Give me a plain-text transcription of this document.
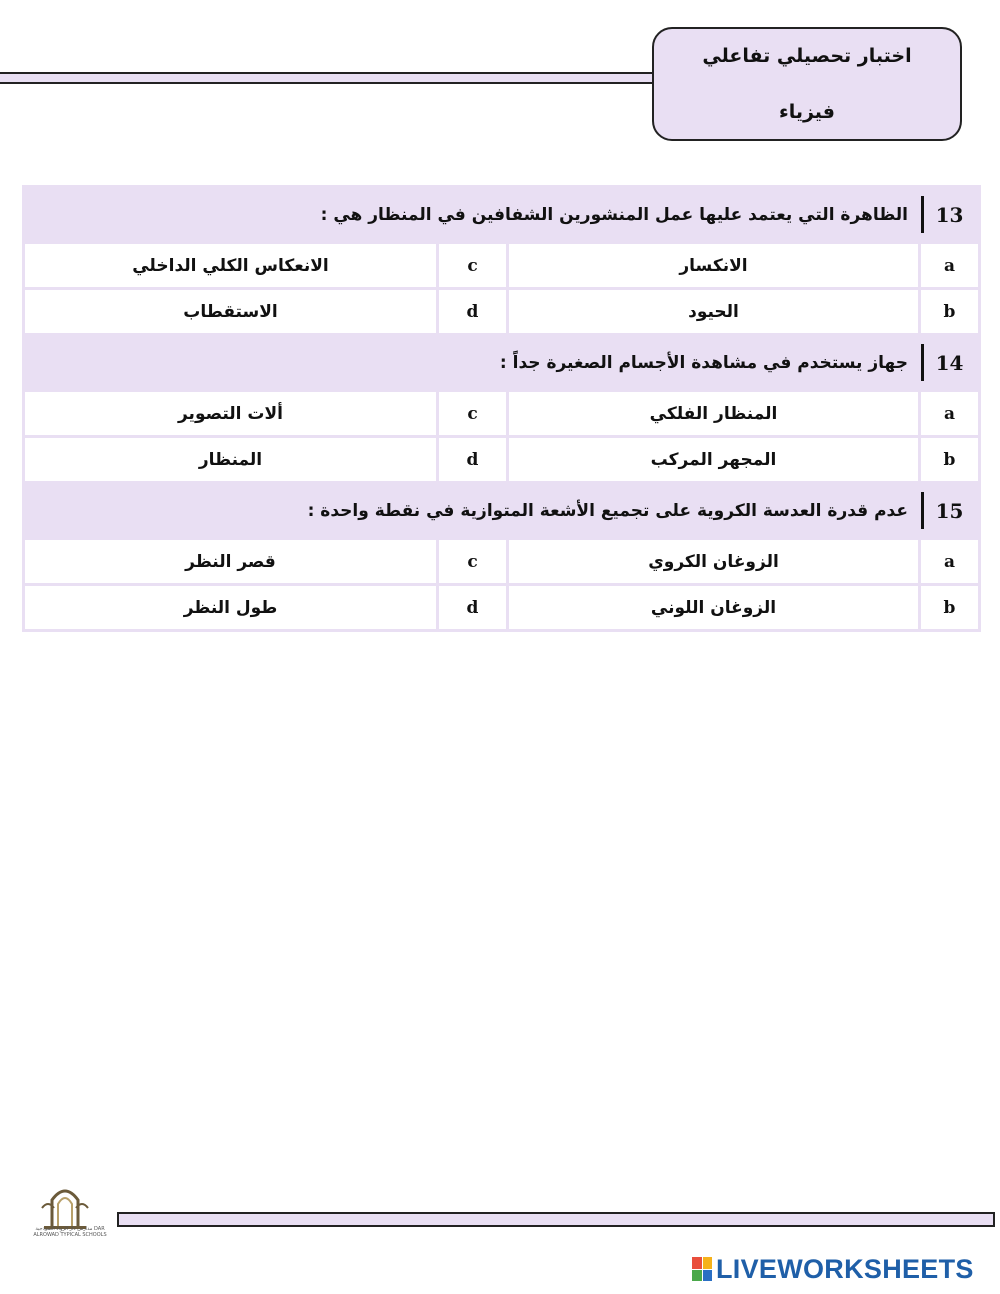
اختبار تحصيلي تفاعلي
فيزياء
الظاهرة التي يعتمد عليها عمل المنشورين الشفافين في المنظار هي :			13
الانعكاس الكلي الداخلي	c	الانكسار	a
الاستقطاب	d	الحيود	b
جهاز يستخدم في مشاهدة الأجسام الصغيرة جداً :			14
ألات التصوير	c	المنظار الفلكي	a
المنظار	d	المجهر المركب	b
عدم قدرة العدسة الكروية على تجميع الأشعة المتوازية في نقطة واحدة :			15
قصر النظر	c	الزوغان الكروي	a
طول النظر	d	الزوغان اللوني	b
مدارس دار الرواد النموذجية DAR ALROWAD TYPICAL SCHOOLS
LIVEWORKSHEETS
